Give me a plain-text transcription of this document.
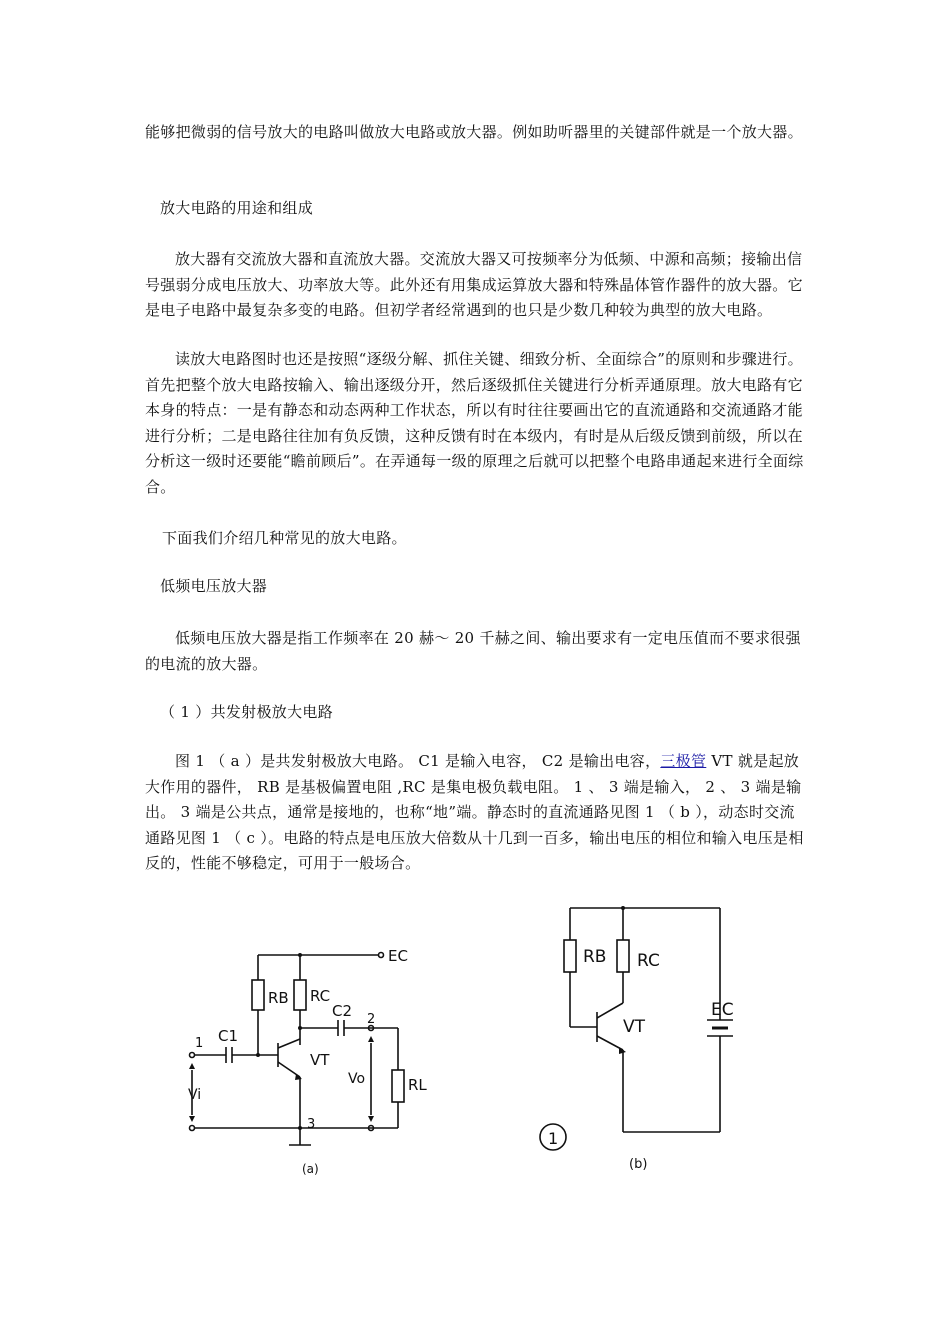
能够把微弱的信号放大的电路叫做放大电路或放大器。例如助听器里的关键部件就是一个放大器。

放大电路的用途和组成

放大器有交流放大器和直流放大器。交流放大器又可按频率分为低频、中源和高频；接输出信号强弱分成电压放大、功率放大等。此外还有用集成运算放大器和特殊晶体管作器件的放大器。它是电子电路中最复杂多变的电路。但初学者经常遇到的也只是少数几种较为典型的放大电路。

读放大电路图时也还是按照“逐级分解、抓住关键、细致分析、全面综合”的原则和步骤进行。首先把整个放大电路按输入、输出逐级分开，然后逐级抓住关键进行分析弄通原理。放大电路有它本身的特点：一是有静态和动态两种工作状态，所以有时往往要画出它的直流通路和交流通路才能进行分析；二是电路往往加有负反馈，这种反馈有时在本级内，有时是从后级反馈到前级，所以在分析这一级时还要能“瞻前顾后”。在弄通每一级的原理之后就可以把整个电路串通起来进行全面综合。

下面我们介绍几种常见的放大电路。

低频电压放大器

低频电压放大器是指工作频率在 20 赫～ 20 千赫之间、输出要求有一定电压值而不要求很强的电流的放大器。

（ 1 ）共发射极放大电路

图 1 （ a ）是共发射极放大电路。 C1 是输入电容， C2 是输出电容，三极管 VT 就是起放大作用的器件， RB 是基极偏置电阻 ,RC 是集电极负载电阻。 1 、 3 端是输入， 2 、 3 端是输出。 3 端是公共点，通常是接地的，也称“地”端。静态时的直流通路见图 1 （ b ），动态时交流通路见图 1 （ c ）。电路的特点是电压放大倍数从十几到一百多，输出电压的相位和输入电压是相反的，性能不够稳定，可用于一般场合。

EC
RB RC
C1
C2
VT
Vi
Vo	RL
1
2
3
(a)
RB RC
VT
EC
1
(b)
